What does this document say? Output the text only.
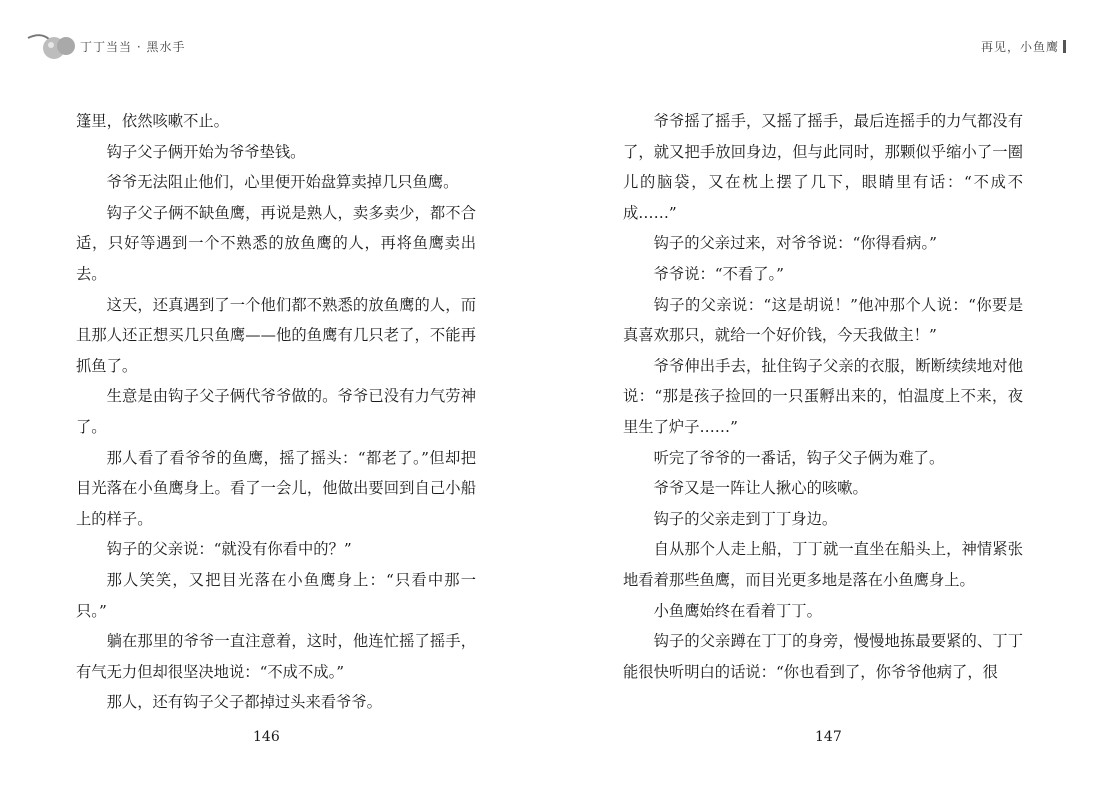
丁丁当当 · 黑水手	再见，小鱼鹰

篷里，依然咳嗽不止。

钩子父子俩开始为爷爷垫钱。

爷爷无法阻止他们，心里便开始盘算卖掉几只鱼鹰。

钩子父子俩不缺鱼鹰，再说是熟人，卖多卖少，都不合适，只好等遇到一个不熟悉的放鱼鹰的人，再将鱼鹰卖出去。

这天，还真遇到了一个他们都不熟悉的放鱼鹰的人，而且那人还正想买几只鱼鹰——他的鱼鹰有几只老了，不能再抓鱼了。

生意是由钩子父子俩代爷爷做的。爷爷已没有力气劳神了。

那人看了看爷爷的鱼鹰，摇了摇头：“都老了。”但却把目光落在小鱼鹰身上。看了一会儿，他做出要回到自己小船上的样子。

钩子的父亲说：“就没有你看中的？”

那人笑笑，又把目光落在小鱼鹰身上：“只看中那一只。”

躺在那里的爷爷一直注意着，这时，他连忙摇了摇手，有气无力但却很坚决地说：“不成不成。”

那人，还有钩子父子都掉过头来看爷爷。

爷爷摇了摇手，又摇了摇手，最后连摇手的力气都没有了，就又把手放回身边，但与此同时，那颗似乎缩小了一圈儿的脑袋，又在枕上摆了几下，眼睛里有话：“不成不成……”

钩子的父亲过来，对爷爷说：“你得看病。”

爷爷说：“不看了。”

钩子的父亲说：“这是胡说！”他冲那个人说：“你要是真喜欢那只，就给一个好价钱，今天我做主！”

爷爷伸出手去，扯住钩子父亲的衣服，断断续续地对他说：“那是孩子捡回的一只蛋孵出来的，怕温度上不来，夜里生了炉子……”

听完了爷爷的一番话，钩子父子俩为难了。

爷爷又是一阵让人揪心的咳嗽。

钩子的父亲走到丁丁身边。

自从那个人走上船，丁丁就一直坐在船头上，神情紧张地看着那些鱼鹰，而目光更多地是落在小鱼鹰身上。

小鱼鹰始终在看着丁丁。

钩子的父亲蹲在丁丁的身旁，慢慢地拣最要紧的、丁丁能很快听明白的话说：“你也看到了，你爷爷他病了，很

146	147
